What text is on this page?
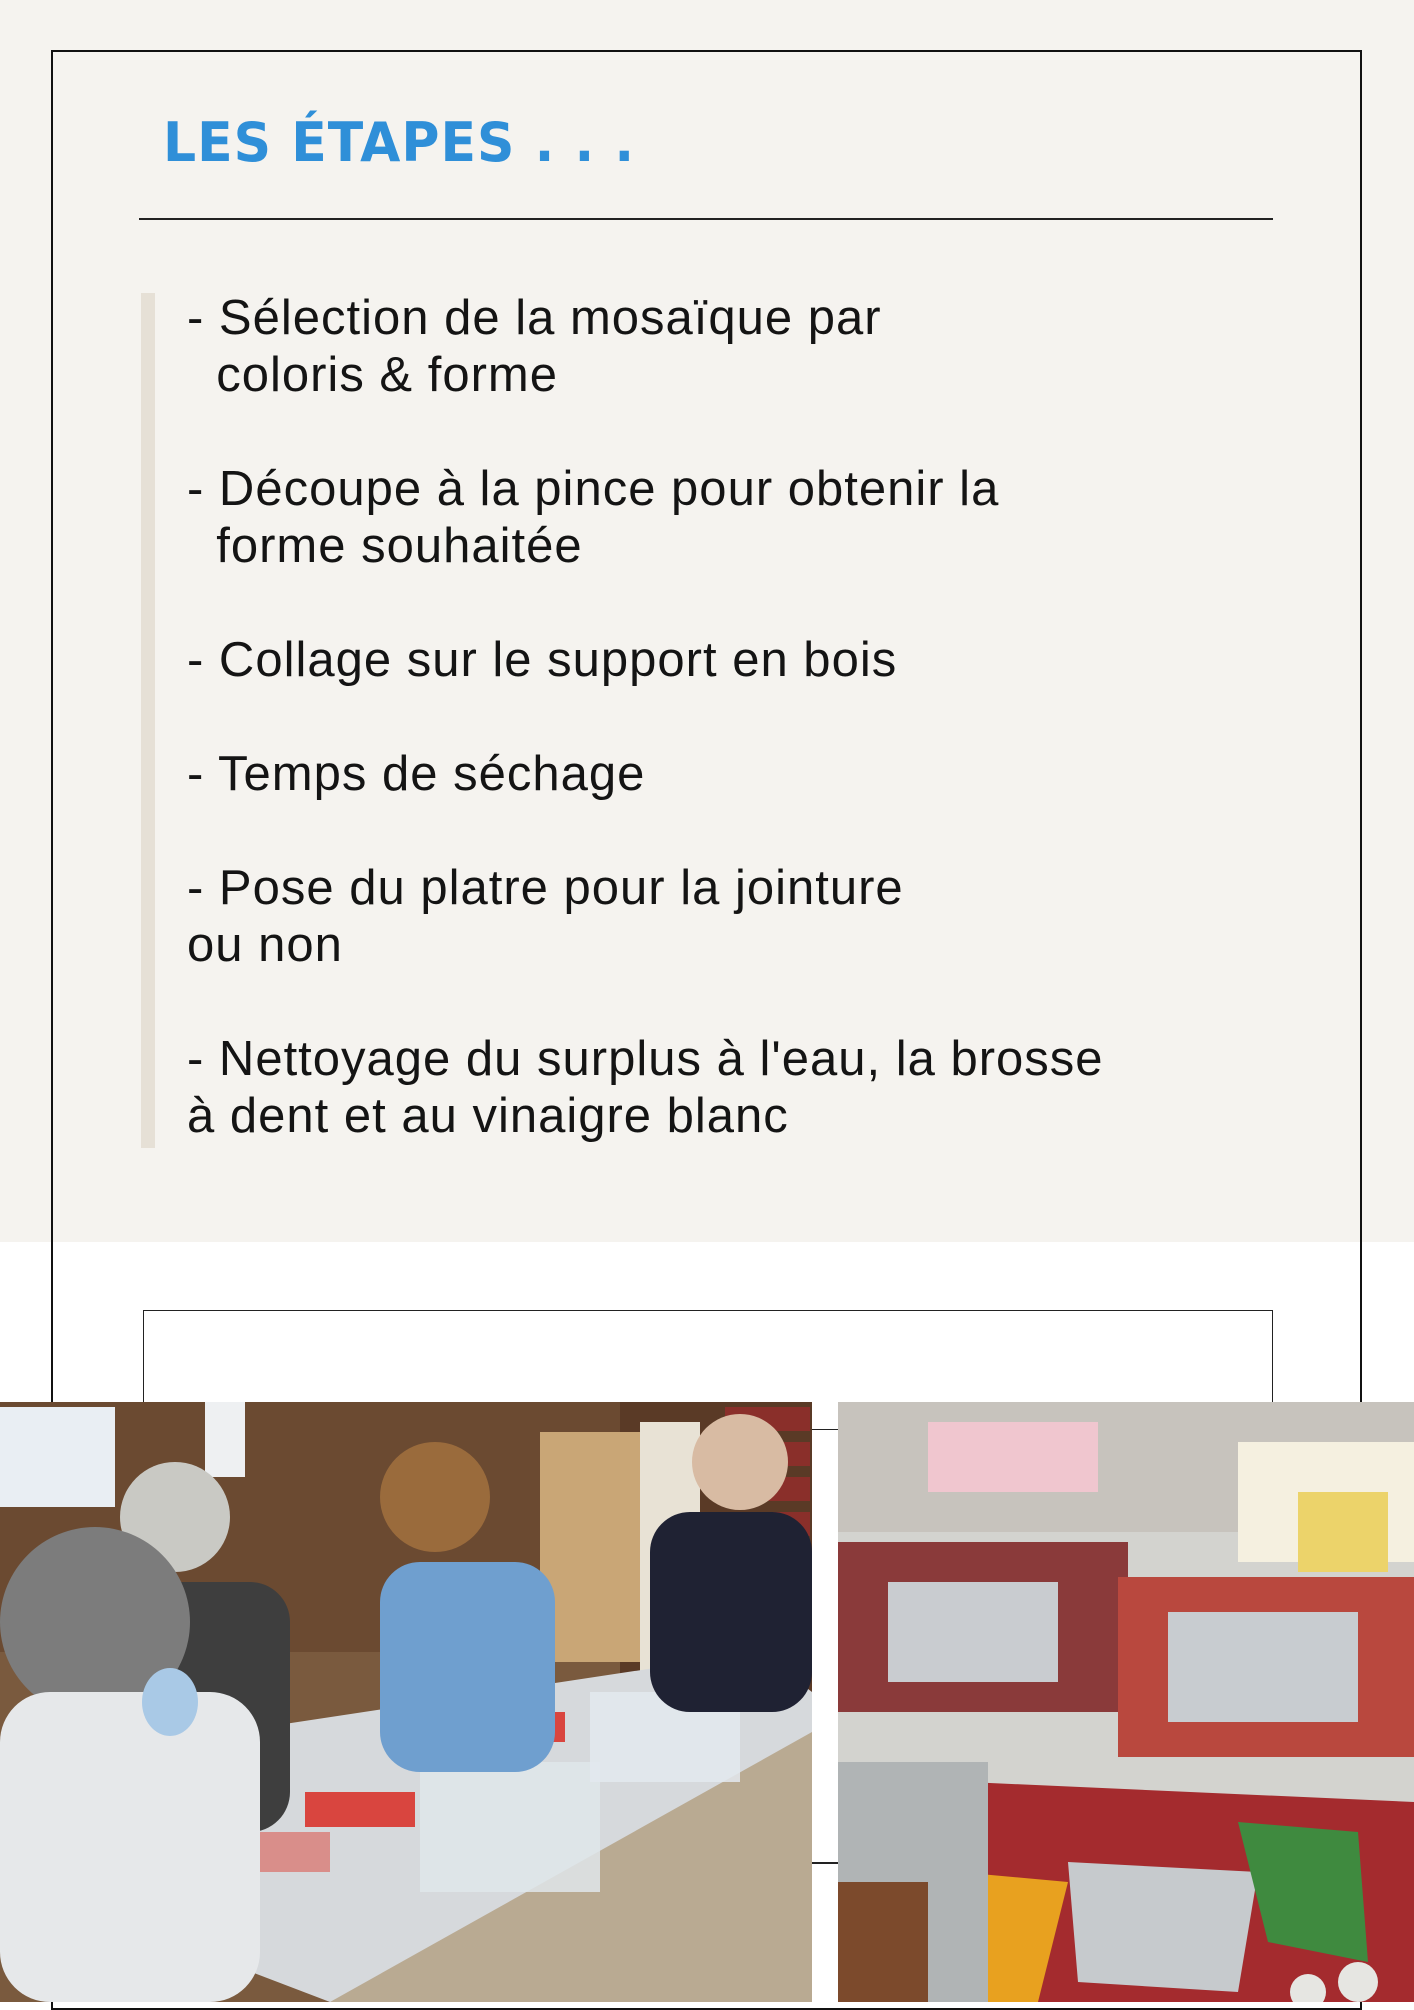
LES ÉTAPES . . .
- Sélection de la mosaïque par
coloris & forme
- Découpe à la pince pour obtenir la
forme souhaitée
- Collage sur le support en bois
- Temps de séchage
- Pose du platre pour la jointure
ou non
- Nettoyage du surplus à l'eau, la brosse
à dent et au vinaigre blanc
